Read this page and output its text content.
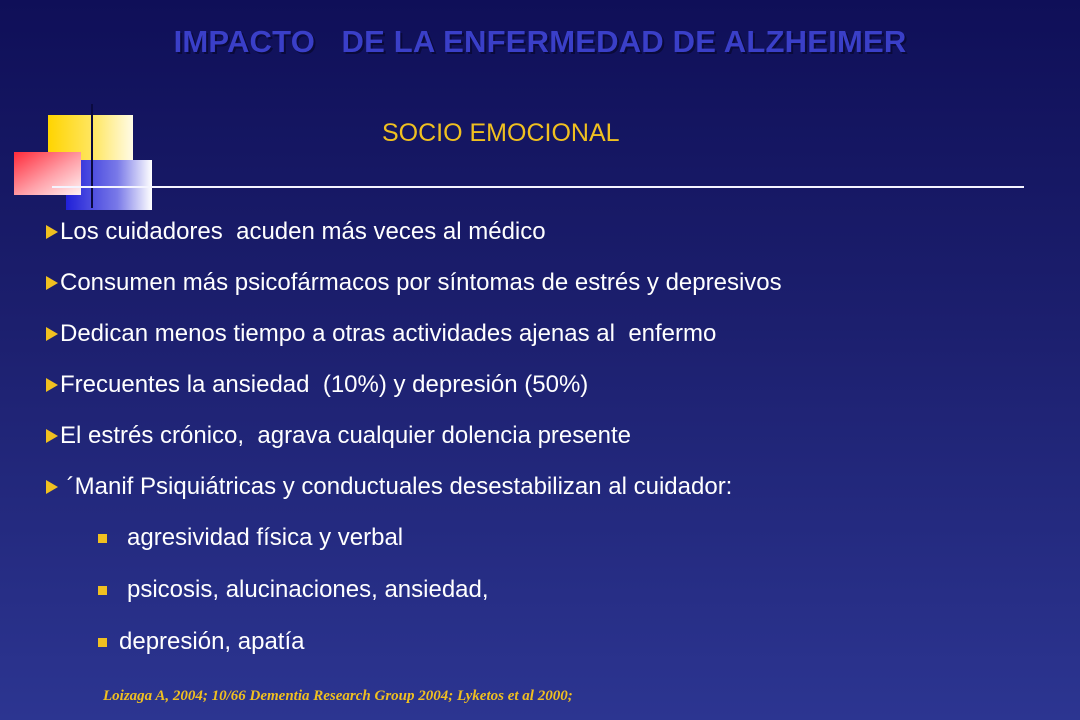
IMPACTO   DE LA ENFERMEDAD DE ALZHEIMER
SOCIO EMOCIONAL
Los cuidadores  acuden más veces al médico
Consumen más psicofármacos por síntomas de estrés y depresivos
Dedican menos tiempo a otras actividades ajenas al  enfermo
Frecuentes la ansiedad  (10%) y depresión (50%)
El estrés crónico,  agrava cualquier dolencia presente
´Manif Psiquiátricas y conductuales desestabilizan al cuidador:
agresividad física y verbal
psicosis, alucinaciones, ansiedad,
depresión, apatía
Loizaga A, 2004; 10/66 Dementia Research Group 2004; Lyketos et al 2000;
